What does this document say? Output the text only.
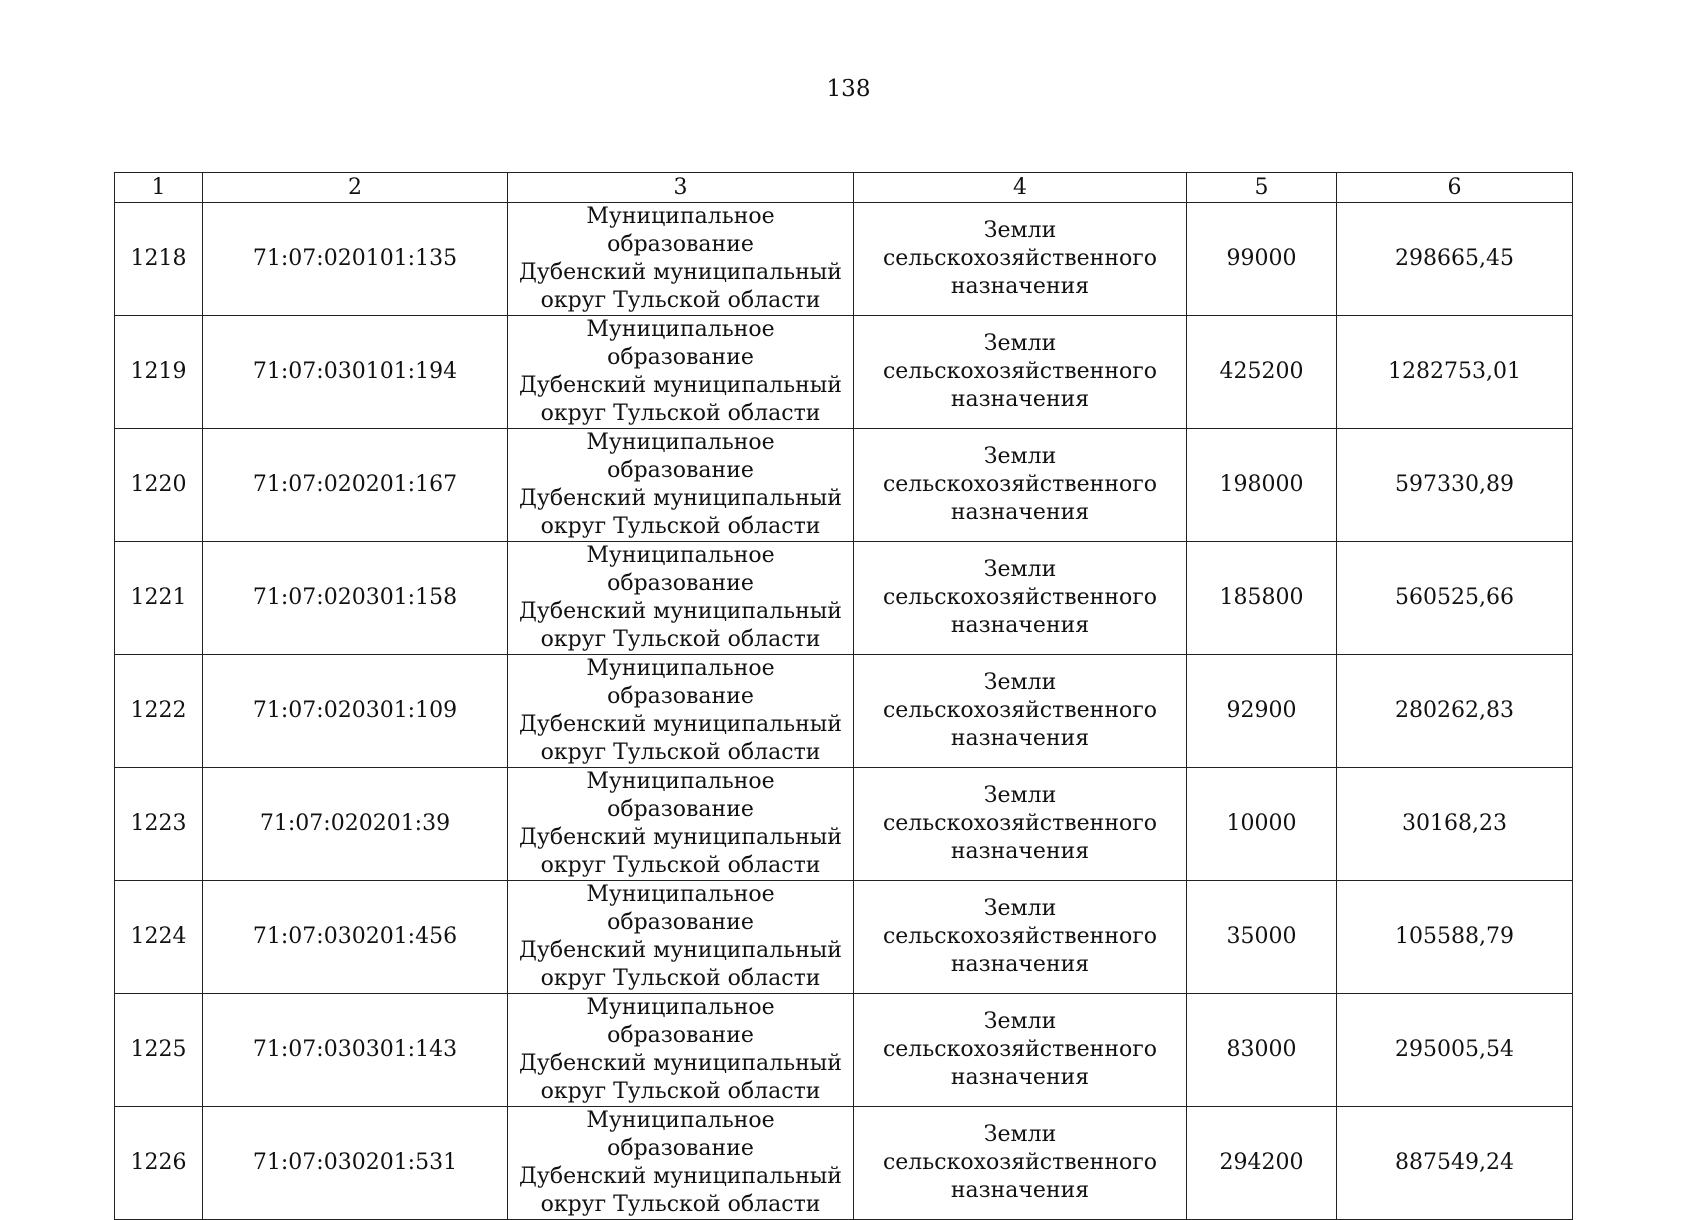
138
1	2	3	4	5	6
1218	71:07:020101:135	Муниципальное образование
Дубенский муниципальный
округ Тульской области	Земли
сельскохозяйственного
назначения	99000	298665,45
1219	71:07:030101:194	Муниципальное образование
Дубенский муниципальный
округ Тульской области	Земли
сельскохозяйственного
назначения	425200	1282753,01
1220	71:07:020201:167	Муниципальное образование
Дубенский муниципальный
округ Тульской области	Земли
сельскохозяйственного
назначения	198000	597330,89
1221	71:07:020301:158	Муниципальное образование
Дубенский муниципальный
округ Тульской области	Земли
сельскохозяйственного
назначения	185800	560525,66
1222	71:07:020301:109	Муниципальное образование
Дубенский муниципальный
округ Тульской области	Земли
сельскохозяйственного
назначения	92900	280262,83
1223	71:07:020201:39	Муниципальное образование
Дубенский муниципальный
округ Тульской области	Земли
сельскохозяйственного
назначения	10000	30168,23
1224	71:07:030201:456	Муниципальное образование
Дубенский муниципальный
округ Тульской области	Земли
сельскохозяйственного
назначения	35000	105588,79
1225	71:07:030301:143	Муниципальное образование
Дубенский муниципальный
округ Тульской области	Земли
сельскохозяйственного
назначения	83000	295005,54
1226	71:07:030201:531	Муниципальное образование
Дубенский муниципальный
округ Тульской области	Земли
сельскохозяйственного
назначения	294200	887549,24
